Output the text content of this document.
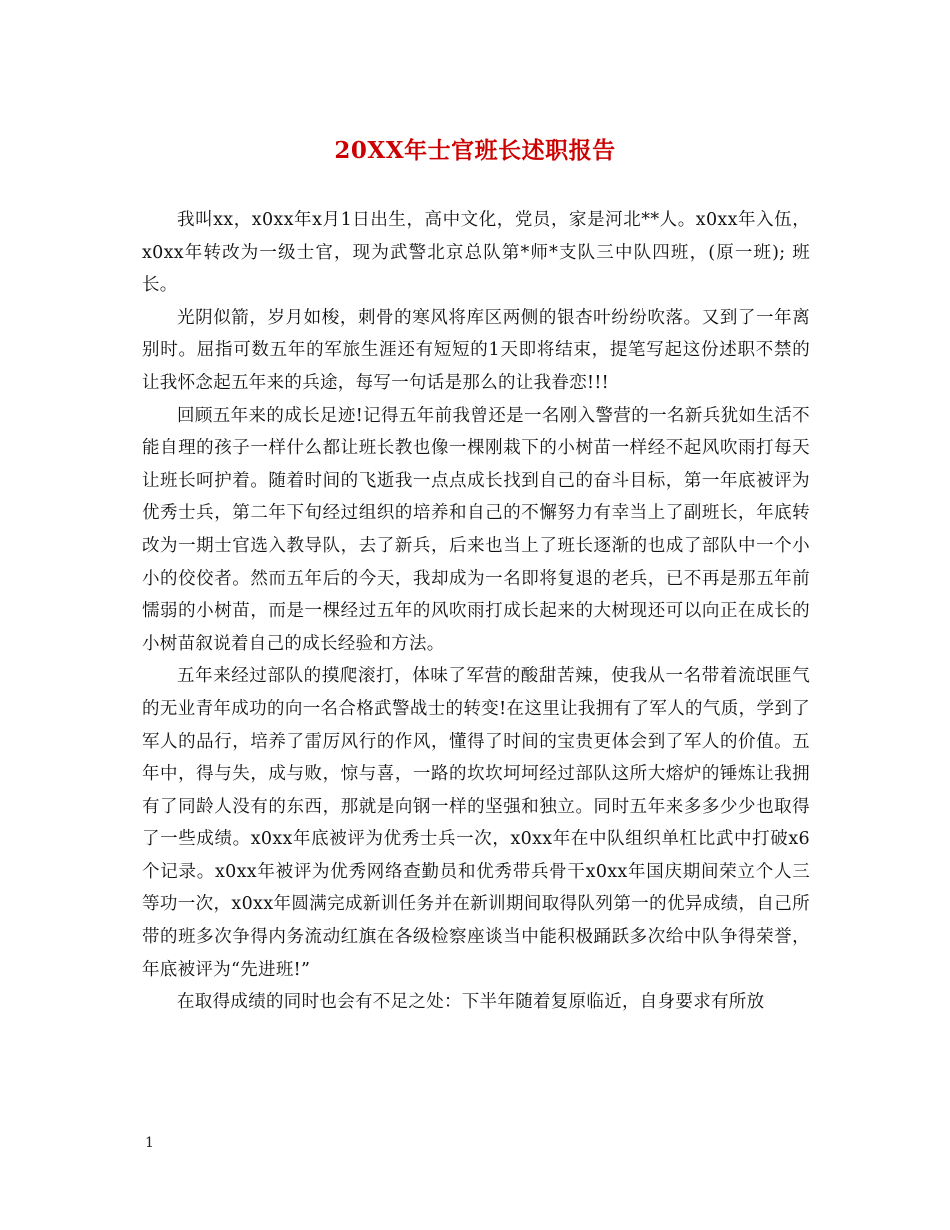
20XX年士官班长述职报告

我叫xx，x0xx年x月1日出生，高中文化，党员，家是河北**人。x0xx年入伍，x0xx年转改为一级士官，现为武警北京总队第*师*支队三中队四班，(原一班); 班长。

光阴似箭，岁月如梭，刺骨的寒风将库区两侧的银杏叶纷纷吹落。又到了一年离别时。屈指可数五年的军旅生涯还有短短的1天即将结束，提笔写起这份述职不禁的让我怀念起五年来的兵途，每写一句话是那么的让我眷恋!!!

回顾五年来的成长足迹!记得五年前我曾还是一名刚入警营的一名新兵犹如生活不能自理的孩子一样什么都让班长教也像一棵刚栽下的小树苗一样经不起风吹雨打每天让班长呵护着。随着时间的飞逝我一点点成长找到自己的奋斗目标，第一年底被评为优秀士兵，第二年下旬经过组织的培养和自己的不懈努力有幸当上了副班长，年底转改为一期士官选入教导队，去了新兵，后来也当上了班长逐渐的也成了部队中一个小小的佼佼者。然而五年后的今天，我却成为一名即将复退的老兵，已不再是那五年前懦弱的小树苗，而是一棵经过五年的风吹雨打成长起来的大树现还可以向正在成长的小树苗叙说着自己的成长经验和方法。

五年来经过部队的摸爬滚打，体味了军营的酸甜苦辣，使我从一名带着流氓匪气的无业青年成功的向一名合格武警战士的转变!在这里让我拥有了军人的气质，学到了军人的品行，培养了雷厉风行的作风，懂得了时间的宝贵更体会到了军人的价值。五年中，得与失，成与败，惊与喜，一路的坎坎坷坷经过部队这所大熔炉的锤炼让我拥有了同龄人没有的东西，那就是向钢一样的坚强和独立。同时五年来多多少少也取得了一些成绩。x0xx年底被评为优秀士兵一次，x0xx年在中队组织单杠比武中打破x6个记录。x0xx年被评为优秀网络查勤员和优秀带兵骨干x0xx年国庆期间荣立个人三等功一次，x0xx年圆满完成新训任务并在新训期间取得队列第一的优异成绩，自己所带的班多次争得内务流动红旗在各级检察座谈当中能积极踊跃多次给中队争得荣誉，年底被评为“先进班!”

在取得成绩的同时也会有不足之处：下半年随着复原临近，自身要求有所放

1
